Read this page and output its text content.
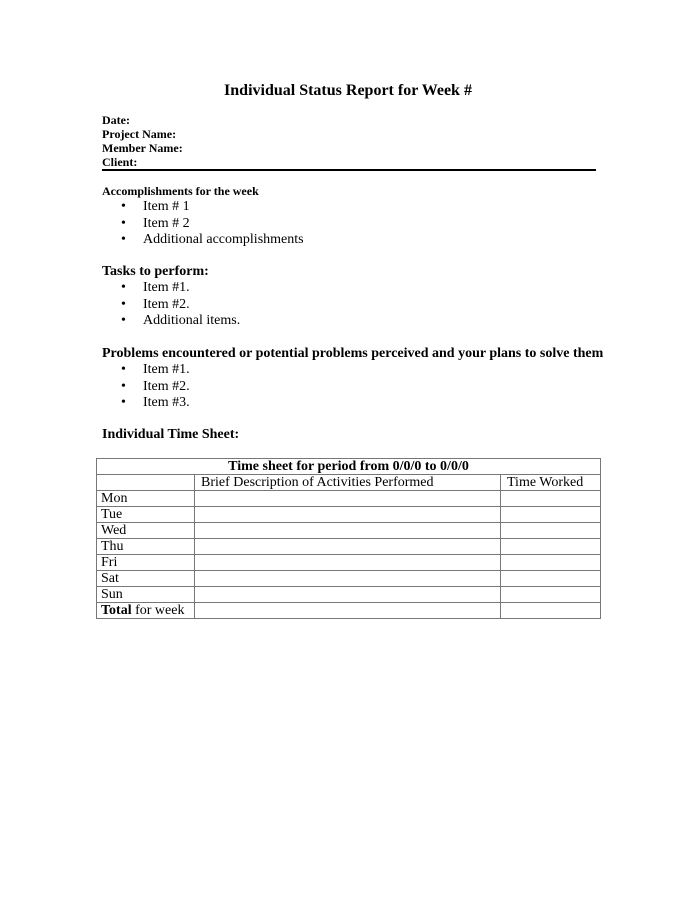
Individual Status Report for Week #
Date:
Project Name:
Member Name:
Client:
Accomplishments for the week
• Item # 1
• Item # 2
• Additional accomplishments
Tasks to perform:
• Item #1.
• Item #2.
• Additional items.
Problems encountered or potential problems perceived and your plans to solve them
• Item #1.
• Item #2.
• Item #3.
Individual Time Sheet:
Time sheet for period from 0/0/0 to 0/0/0		
	Brief Description of Activities Performed	Time Worked
Mon		
Tue		
Wed		
Thu		
Fri		
Sat		
Sun		
Total for week		
